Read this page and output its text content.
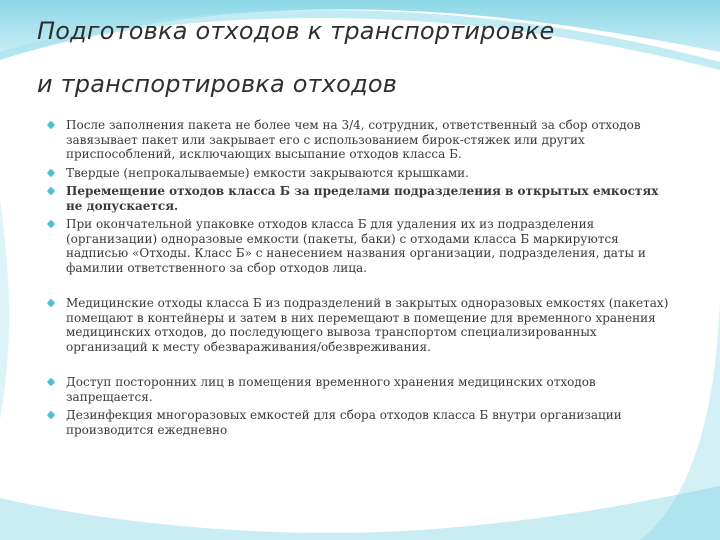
Подготовка отходов к транспортировке
и транспортировка отходов
После заполнения пакета не более чем на 3/4, сотрудник, ответственный за сбор отходов завязывает пакет или закрывает его с использованием бирок-стяжек или других приспособлений, исключающих высыпание отходов класса Б.
Твердые (непрокалываемые) емкости закрываются крышками.
Перемещение отходов класса Б за пределами подразделения в открытых емкостях не допускается.
При окончательной упаковке отходов класса Б для удаления их из подразделения (организации) одноразовые емкости (пакеты, баки) с отходами класса Б маркируются надписью «Отходы. Класс Б» с нанесением названия организации, подразделения, даты и фамилии ответственного за сбор отходов лица.
Медицинские отходы класса Б из подразделений в закрытых одноразовых емкостях (пакетах) помещают в контейнеры и затем в них перемещают в помещение для временного хранения медицинских отходов, до последующего вывоза транспортом специализированных организаций к месту обезвараживания/обезвреживания.
Доступ посторонних лиц в помещения временного хранения медицинских отходов запрещается.
Дезинфекция многоразовых емкостей для сбора отходов класса Б внутри организации производится ежедневно
